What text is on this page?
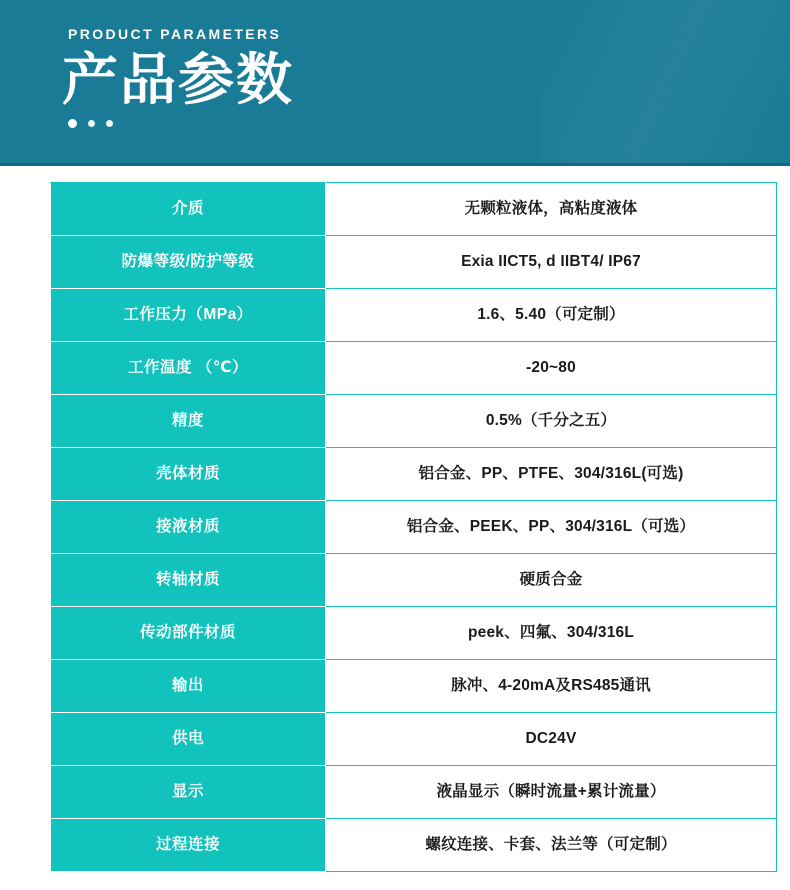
PRODUCT PARAMETERS
产品参数
介质	无颗粒液体，高粘度液体
防爆等级/防护等级	Exia IICT5, d IIBT4/ IP67
工作压力（MPa）	1.6、5.40（可定制）
工作温度 （℃）	-20~80
精度	0.5%（千分之五）
壳体材质	铝合金、PP、PTFE、304/316L(可选)
接液材质	铝合金、PEEK、PP、304/316L（可选）
转轴材质	硬质合金
传动部件材质	peek、四氟、304/316L
输出	脉冲、4-20mA及RS485通讯
供电	DC24V
显示	液晶显示（瞬时流量+累计流量）
过程连接	螺纹连接、卡套、法兰等（可定制）
